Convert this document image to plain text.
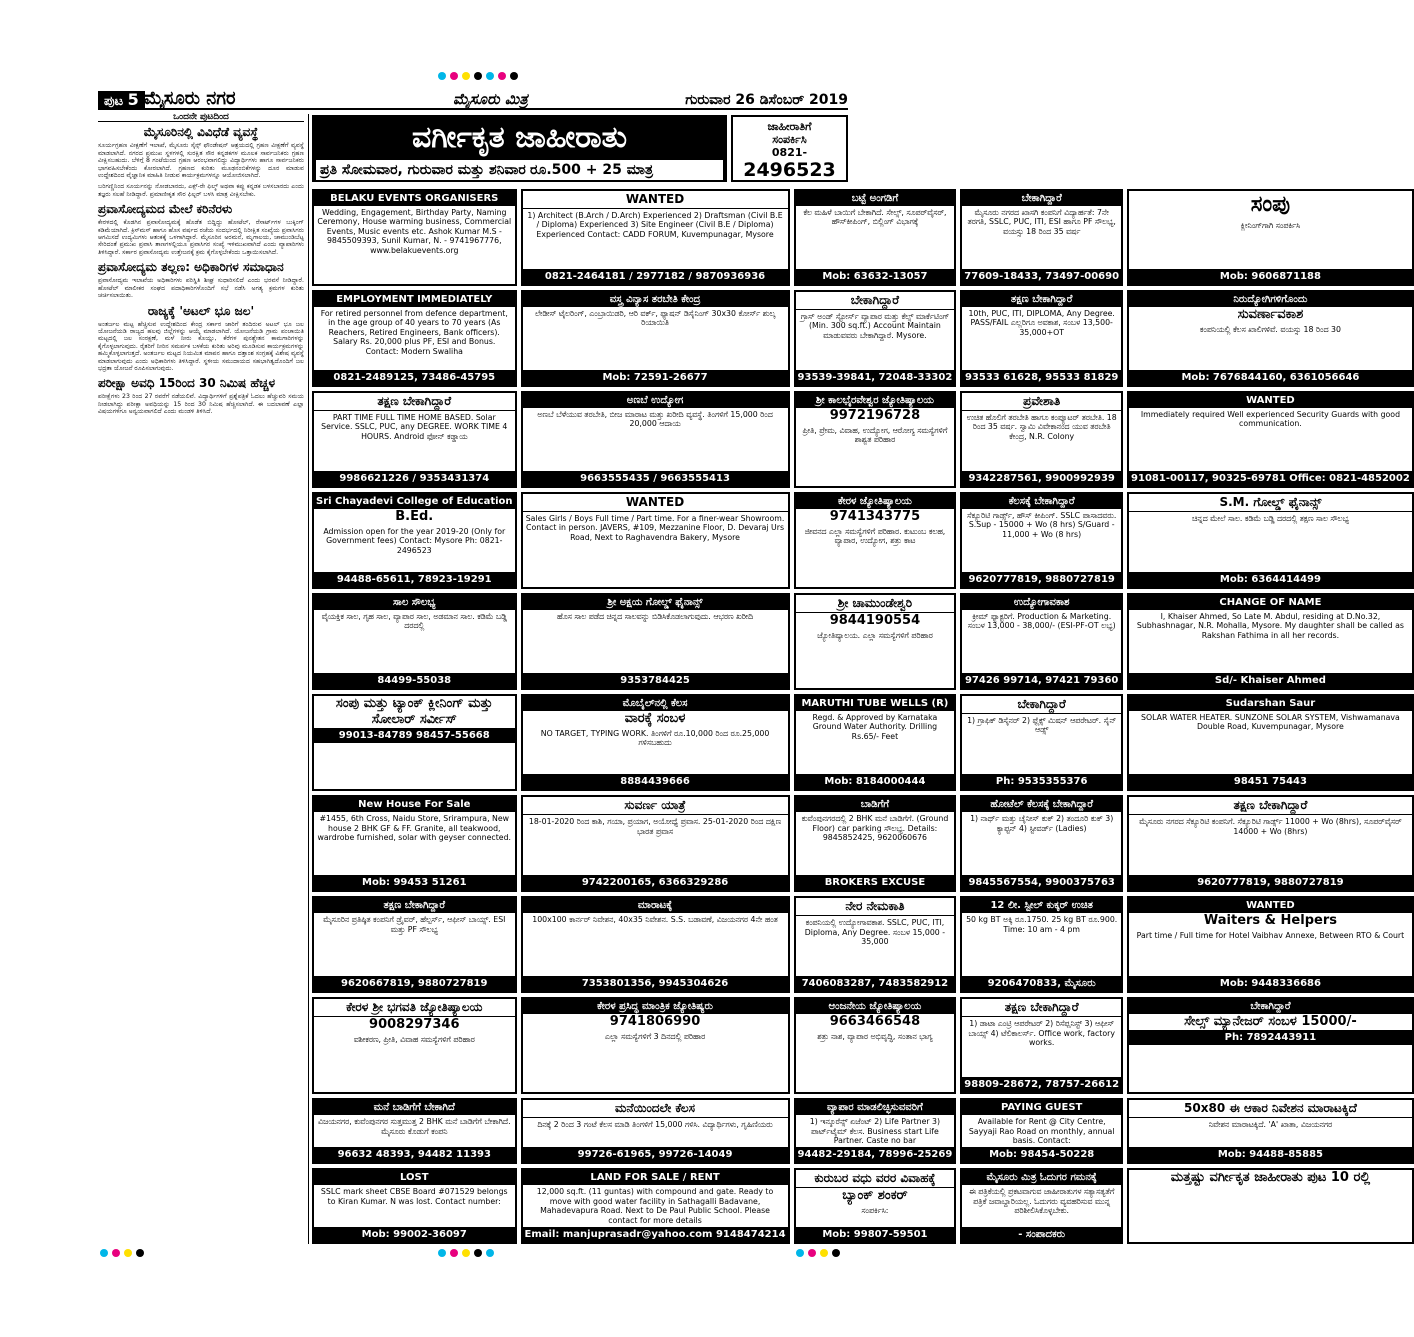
ಪುಟ 5 ಮೈಸೂರು ನಗರ	ಮೈಸೂರು ಮಿತ್ರ	ಗುರುವಾರ 26 ಡಿಸೆಂಬರ್ 2019
ಒಂದನೇ ಪುಟದಿಂದ
ಮೈಸೂರಿನಲ್ಲಿ ವಿವಿಧೆಡೆ ವ್ಯವಸ್ಥೆ

ಸೂರ್ಯಗ್ರಹಣ ವೀಕ್ಷಣೆಗೆ ಇಲಾಖೆ, ಮೈಸೂರು ಸೈನ್ಸ್ ಫೌಂಡೇಷನ್ ಆಶ್ರಯದಲ್ಲಿ ಗ್ರಹಣ ವೀಕ್ಷಣೆಗೆ ವ್ಯವಸ್ಥೆ ಮಾಡಲಾಗಿದೆ. ನಗರದ ಪ್ರಮುಖ ಸ್ಥಳಗಳಲ್ಲಿ ಸುರಕ್ಷಿತ ಸೌರ ಕನ್ನಡಕಗಳ ಮೂಲಕ ಸಾರ್ವಜನಿಕರು ಗ್ರಹಣ ವೀಕ್ಷಿಸಬಹುದು. ಬೆಳಿಗ್ಗೆ 8 ಗಂಟೆಯಿಂದ ಗ್ರಹಣ ಆರಂಭವಾಗಲಿದ್ದು ವಿದ್ಯಾರ್ಥಿಗಳು ಹಾಗೂ ಸಾರ್ವಜನಿಕರು ಭಾಗವಹಿಸಬೇಕೆಂದು ಕೋರಲಾಗಿದೆ. ಗ್ರಹಣದ ಕುರಿತು ಮೂಢನಂಬಿಕೆಗಳನ್ನು ದೂರ ಮಾಡುವ ಉದ್ದೇಶದಿಂದ ವೈಜ್ಞಾನಿಕ ಮಾಹಿತಿ ನೀಡುವ ಕಾರ್ಯಕ್ರಮಗಳನ್ನೂ ಆಯೋಜಿಸಲಾಗಿದೆ.

ಬರಿಗಣ್ಣಿನಿಂದ ಸೂರ್ಯನನ್ನು ನೋಡಬಾರದು, ಎಕ್ಸ್-ರೇ ಫಿಲ್ಮ್ ಅಥವಾ ಕಪ್ಪು ಕನ್ನಡಕ ಬಳಸಬಾರದು ಎಂದು ತಜ್ಞರು ಸಲಹೆ ನೀಡಿದ್ದಾರೆ. ಪ್ರಮಾಣೀಕೃತ ಸೌರ ಫಿಲ್ಟರ್ ಬಳಸಿ ಮಾತ್ರ ವೀಕ್ಷಿಸಬೇಕು.

ಪ್ರವಾಸೋದ್ಯಮದ ಮೇಲೆ ಕರಿನೆರಳು

ಕೇರಳದಲ್ಲಿ ಕೊಡಗಿನ ಪ್ರವಾಸೋದ್ಯಮಕ್ಕೆ ಹೊಡೆತ ಬಿದ್ದಿದ್ದು ಹೋಟೆಲ್, ರೆಸಾರ್ಟ್‌ಗಳ ಬುಕ್ಕಿಂಗ್ ಕಡಿಮೆಯಾಗಿದೆ. ಕ್ರಿಸ್‌ಮಸ್ ಹಾಗೂ ಹೊಸ ವರ್ಷದ ರಜೆಯ ಸಂದರ್ಭದಲ್ಲಿ ನಿರೀಕ್ಷಿತ ಸಂಖ್ಯೆಯ ಪ್ರವಾಸಿಗರು ಆಗಮಿಸದೆ ಉದ್ಯಮಿಗಳು ಆತಂಕಕ್ಕೆ ಒಳಗಾಗಿದ್ದಾರೆ. ಮೈಸೂರಿನ ಅರಮನೆ, ಮೃಗಾಲಯ, ಚಾಮುಂಡಿಬೆಟ್ಟ ಸೇರಿದಂತೆ ಪ್ರಮುಖ ಪ್ರವಾಸಿ ತಾಣಗಳಲ್ಲಿಯೂ ಪ್ರವಾಸಿಗರ ಸಂಖ್ಯೆ ಇಳಿಮುಖವಾಗಿದೆ ಎಂದು ವ್ಯಾಪಾರಿಗಳು ತಿಳಿಸಿದ್ದಾರೆ. ಸರ್ಕಾರ ಪ್ರವಾಸೋದ್ಯಮ ಉತ್ತೇಜನಕ್ಕೆ ಕ್ರಮ ಕೈಗೊಳ್ಳಬೇಕೆಂದು ಒತ್ತಾಯಿಸಲಾಗಿದೆ.

ಪ್ರವಾಸೋದ್ಯಮ ತಲ್ಲಣ: ಅಧಿಕಾರಿಗಳ ಸಮಾಧಾನ

ಪ್ರವಾಸೋದ್ಯಮ ಇಲಾಖೆಯ ಅಧಿಕಾರಿಗಳು ಪರಿಸ್ಥಿತಿ ಶೀಘ್ರ ಸುಧಾರಿಸಲಿದೆ ಎಂದು ಭರವಸೆ ನೀಡಿದ್ದಾರೆ. ಹೋಟೆಲ್ ಮಾಲೀಕರ ಸಂಘದ ಪದಾಧಿಕಾರಿಗಳೊಂದಿಗೆ ಸಭೆ ನಡೆಸಿ ಅಗತ್ಯ ಕ್ರಮಗಳ ಕುರಿತು ಚರ್ಚಿಸಲಾಯಿತು.

ರಾಜ್ಯಕ್ಕೆ 'ಅಟಲ್ ಭೂ ಜಲ'

ಅಂತರ್ಜಲ ಮಟ್ಟ ಹೆಚ್ಚಿಸುವ ಉದ್ದೇಶದಿಂದ ಕೇಂದ್ರ ಸರ್ಕಾರ ಜಾರಿಗೆ ತಂದಿರುವ ಅಟಲ್ ಭೂ ಜಲ ಯೋಜನೆಯಡಿ ರಾಜ್ಯದ ಹಲವು ಜಿಲ್ಲೆಗಳನ್ನು ಆಯ್ಕೆ ಮಾಡಲಾಗಿದೆ. ಯೋಜನೆಯಡಿ ಗ್ರಾಮ ಪಂಚಾಯಿತಿ ಮಟ್ಟದಲ್ಲಿ ಜಲ ಸಂರಕ್ಷಣೆ, ಮಳೆ ನೀರು ಕೊಯ್ಲು, ಕೆರೆಗಳ ಪುನಶ್ಚೇತನ ಕಾಮಗಾರಿಗಳನ್ನು ಕೈಗೊಳ್ಳಲಾಗುವುದು. ರೈತರಿಗೆ ನೀರಿನ ಸಮರ್ಪಕ ಬಳಕೆಯ ಕುರಿತು ಅರಿವು ಮೂಡಿಸುವ ಕಾರ್ಯಕ್ರಮಗಳನ್ನು ಹಮ್ಮಿಕೊಳ್ಳಲಾಗುತ್ತದೆ. ಅಂತರ್ಜಲ ಮಟ್ಟದ ನಿಯಮಿತ ಮಾಪನ ಹಾಗೂ ದತ್ತಾಂಶ ಸಂಗ್ರಹಕ್ಕೆ ವಿಶೇಷ ವ್ಯವಸ್ಥೆ ಮಾಡಲಾಗುವುದು ಎಂದು ಅಧಿಕಾರಿಗಳು ತಿಳಿಸಿದ್ದಾರೆ. ಸ್ಥಳೀಯ ಸಮುದಾಯದ ಸಹಭಾಗಿತ್ವದೊಂದಿಗೆ ಜಲ ಭದ್ರತಾ ಯೋಜನೆ ರೂಪಿಸಲಾಗುವುದು.

ಪರೀಕ್ಷಾ ಅವಧಿ 15ರಿಂದ 30 ನಿಮಿಷ ಹೆಚ್ಚಳ

ಪರೀಕ್ಷೆಗಳು 23 ರಿಂದ 27 ರವರೆಗೆ ನಡೆಯಲಿವೆ. ವಿದ್ಯಾರ್ಥಿಗಳಿಗೆ ಪ್ರಶ್ನೆಪತ್ರಿಕೆ ಓದಲು ಹೆಚ್ಚುವರಿ ಸಮಯ ನೀಡಲಾಗಿದ್ದು ಪರೀಕ್ಷಾ ಅವಧಿಯನ್ನು 15 ರಿಂದ 30 ನಿಮಿಷ ಹೆಚ್ಚಿಸಲಾಗಿದೆ. ಈ ಬದಲಾವಣೆ ಎಲ್ಲಾ ವಿಷಯಗಳಿಗೂ ಅನ್ವಯವಾಗಲಿದೆ ಎಂದು ಮಂಡಳಿ ತಿಳಿಸಿದೆ.

ವರ್ಗೀಕೃತ ಜಾಹೀರಾತು
ಪ್ರತಿ ಸೋಮವಾರ, ಗುರುವಾರ ಮತ್ತು ಶನಿವಾರ ರೂ.500 + 25 ಮಾತ್ರ
ಜಾಹೀರಾತಿಗೆ
ಸಂಪರ್ಕಿಸಿ
0821-
2496523
BELAKU EVENTS ORGANISERS
Wedding, Engagement, Birthday Party, Naming Ceremony, House warming business, Commercial Events, Music events etc. Ashok Kumar M.S - 9845509393, Sunil Kumar, N. - 9741967776, www.belakuevents.org
WANTED
1) Architect (B.Arch / D.Arch) Experienced 2) Draftsman (Civil B.E / Diploma) Experienced 3) Site Engineer (Civil B.E / Diploma) Experienced Contact: CADD FORUM, Kuvempunagar, Mysore
0821-2464181 / 2977182 / 9870936936
ಬಟ್ಟೆ ಅಂಗಡಿಗೆ
ಕೆಲ ಮಹಿಳೆ ಬಾಯಿಗೆ ಬೇಕಾಗಿದೆ. ಸೇಲ್ಸ್, ಸೂಪರ್‌ವೈಸರ್, ಹೌಸ್‌ಕೀಪಿಂಗ್, ಬಿಲ್ಲಿಂಗ್ ವಿಭಾಗಕ್ಕೆ
Mob: 63632-13057
ಬೇಕಾಗಿದ್ದಾರೆ
ಮೈಸೂರು ನಗರದ ಖಾಸಗಿ ಕಂಪನಿಗೆ ವಿದ್ಯಾರ್ಹತೆ: 7ನೇ ತರಗತಿ, SSLC, PUC, ITI, ESI ಹಾಗೂ PF ಸೌಲಭ್ಯ, ವಯಸ್ಸು 18 ರಿಂದ 35 ವರ್ಷ
77609-18433, 73497-00690
ಸಂಪು
ಕ್ಲೀನಿಂಗ್‌ಗಾಗಿ ಸಂಪರ್ಕಿಸಿ
Mob: 9606871188
EMPLOYMENT IMMEDIATELY
For retired personnel from defence department, in the age group of 40 years to 70 years (As Reachers, Retired Engineers, Bank officers). Salary Rs. 20,000 plus PF, ESI and Bonus. Contact: Modern Swaliha
0821-2489125, 73486-45795
ವಸ್ತ್ರ ವಿನ್ಯಾಸ ತರಬೇತಿ ಕೇಂದ್ರ
ಲೇಡೀಸ್ ಟೈಲರಿಂಗ್, ಎಂಬ್ರಾಯಿಡರಿ, ಆರಿ ವರ್ಕ್, ಫ್ಯಾಷನ್ ಡಿಸೈನಿಂಗ್ 30x30 ಕೋರ್ಸ್ ಶುಲ್ಕ ರಿಯಾಯಿತಿ
Mob: 72591-26677
ಬೇಕಾಗಿದ್ದಾರೆ
ಗ್ರಾಸ್ ಅಂಡ್ ಸ್ಟೋರ್ಸ್ ವ್ಯಾಪಾರ ಮತ್ತು ಕೆಲ್ಸ್ ಮಾರ್ಕೆಟಿಂಗ್ (Min. 300 sq.ft.) Account Maintain ಮಾಡುವವರು ಬೇಕಾಗಿದ್ದಾರೆ. Mysore.
93539-39841, 72048-33302
ತಕ್ಷಣ ಬೇಕಾಗಿದ್ದಾರೆ
10th, PUC, ITI, DIPLOMA, Any Degree. PASS/FAIL ಎಲ್ಲರಿಗೂ ಅವಕಾಶ, ಸಂಬಳ 13,500-35,000+OT
93533 61628, 95533 81829
ನಿರುದ್ಯೋಗಿಗಳಿಗೊಂದು
ಸುವರ್ಣಾವಕಾಶ
ಕಂಪನಿಯಲ್ಲಿ ಕೆಲಸ ಖಾಲಿಗಳಿವೆ. ವಯಸ್ಸು 18 ರಿಂದ 30
Mob: 7676844160, 6361056646
ತಕ್ಷಣ ಬೇಕಾಗಿದ್ದಾರೆ
PART TIME FULL TIME HOME BASED. Solar Service. SSLC, PUC, any DEGREE. WORK TIME 4 HOURS. Android ಫೋನ್ ಕಡ್ಡಾಯ
9986621226 / 9353431374
ಅಣಬೆ ಉದ್ಯೋಗ
ಅಣಬೆ ಬೆಳೆಯುವ ತರಬೇತಿ, ಬೀಜ ಮಾರಾಟ ಮತ್ತು ಖರೀದಿ ವ್ಯವಸ್ಥೆ. ತಿಂಗಳಿಗೆ 15,000 ರಿಂದ 20,000 ಆದಾಯ
9663555435 / 9663555413
ಶ್ರೀ ಕಾಲಭೈರವೇಶ್ವರ ಜ್ಯೋತಿಷ್ಯಾಲಯ
9972196728
ಪ್ರೀತಿ, ಪ್ರೇಮ, ವಿವಾಹ, ಉದ್ಯೋಗ, ಆರೋಗ್ಯ ಸಮಸ್ಯೆಗಳಿಗೆ ಶಾಶ್ವತ ಪರಿಹಾರ
ಪ್ರವೇಶಾತಿ
ಉಚಿತ ಹೊಲಿಗೆ ತರಬೇತಿ ಹಾಗೂ ಕಂಪ್ಯೂಟರ್ ತರಬೇತಿ. 18 ರಿಂದ 35 ವರ್ಷ. ಸ್ವಾಮಿ ವಿವೇಕಾನಂದ ಯುವ ತರಬೇತಿ ಕೇಂದ್ರ, N.R. Colony
9342287561, 9900992939
WANTED
Immediately required Well experienced Security Guards with good communication.
91081-00117, 90325-69781 Office: 0821-4852002
Sri Chayadevi College of Education
B.Ed.
Admission open for the year 2019-20 (Only for Government fees) Contact: Mysore Ph: 0821-2496523
94488-65611, 78923-19291
WANTED
Sales Girls / Boys Full time / Part time. For a finer-wear Showroom. Contact in person. JAVERS, #109, Mezzanine Floor, D. Devaraj Urs Road, Next to Raghavendra Bakery, Mysore
ಕೇರಳ ಜ್ಯೋತಿಷ್ಯಾಲಯ
9741343775
ಜೀವನದ ಎಲ್ಲಾ ಸಮಸ್ಯೆಗಳಿಗೆ ಪರಿಹಾರ. ಕುಟುಂಬ ಕಲಹ, ವ್ಯಾಪಾರ, ಉದ್ಯೋಗ, ಶತ್ರು ಕಾಟ
ಕೆಲಸಕ್ಕೆ ಬೇಕಾಗಿದ್ದಾರೆ
ಸೆಕ್ಯೂರಿಟಿ ಗಾರ್ಡ್ಸ್, ಹೌಸ್ ಕೀಪಿಂಗ್. SSLC ಪಾಸಾದವರು. S.Sup - 15000 + Wo (8 hrs) S/Guard - 11,000 + Wo (8 hrs)
9620777819, 9880727819
S.M. ಗೋಲ್ಡ್ ಫೈನಾನ್ಸ್
ಚಿನ್ನದ ಮೇಲೆ ಸಾಲ. ಕಡಿಮೆ ಬಡ್ಡಿ ದರದಲ್ಲಿ ತಕ್ಷಣ ಸಾಲ ಸೌಲಭ್ಯ
Mob: 6364414499
ಸಾಲ ಸೌಲಭ್ಯ
ವೈಯಕ್ತಿಕ ಸಾಲ, ಗೃಹ ಸಾಲ, ವ್ಯಾಪಾರ ಸಾಲ, ಅಡಮಾನ ಸಾಲ. ಕಡಿಮೆ ಬಡ್ಡಿ ದರದಲ್ಲಿ
84499-55038
ಶ್ರೀ ಅಕ್ಷಯ ಗೋಲ್ಡ್ ಫೈನಾನ್ಸ್
ಹೊಸ ಸಾಲ ಪಡೆದ ಚಿನ್ನದ ಸಾಲವನ್ನು ಬಿಡಿಸಿಕೊಡಲಾಗುವುದು. ಆಭರಣ ಖರೀದಿ
9353784425
ಶ್ರೀ ಚಾಮುಂಡೇಶ್ವರಿ
9844190554
ಜ್ಯೋತಿಷ್ಯಾಲಯ. ಎಲ್ಲಾ ಸಮಸ್ಯೆಗಳಿಗೆ ಪರಿಹಾರ
ಉದ್ಯೋಗಾವಕಾಶ
ಕ್ರೀಮ್ ಫ್ಯಾಕ್ಟರಿಗೆ. Production & Marketing. ಸಂಬಳ 13,000 - 38,000/- (ESI-PF-OT ಲಭ್ಯ)
97426 99714, 97421 79360
CHANGE OF NAME
I, Khaiser Ahmed, So Late M. Abdul, residing at D.No.32, Subhashnagar, N.R. Mohalla, Mysore. My daughter shall be called as Rakshan Fathima in all her records.
Sd/- Khaiser Ahmed
ಸಂಪು ಮತ್ತು ಟ್ಯಾಂಕ್ ಕ್ಲೀನಿಂಗ್ ಮತ್ತು ಸೋಲಾರ್ ಸರ್ವೀಸ್
99013-84789 98457-55668
ಮೊಬೈಲ್‌ನಲ್ಲಿ ಕೆಲಸ
ವಾರಕ್ಕೆ ಸಂಬಳ
NO TARGET, TYPING WORK. ತಿಂಗಳಿಗೆ ರೂ.10,000 ರಿಂದ ರೂ.25,000 ಗಳಿಸಬಹುದು
8884439666
MARUTHI TUBE WELLS (R)
Regd. & Approved by Karnataka Ground Water Authority. Drilling Rs.65/- Feet
Mob: 8184000444
ಬೇಕಾಗಿದ್ದಾರೆ
1) ಗ್ರಾಫಿಕ್ ಡಿಸೈನರ್ 2) ಫ್ಲೆಕ್ಸ್ ಮಿಷನ್ ಆಪರೇಟರ್. ಸೈನ್ ಆಡ್ಸ್
Ph: 9535355376
Sudarshan Saur
SOLAR WATER HEATER. SUNZONE SOLAR SYSTEM, Vishwamanava Double Road, Kuvempunagar, Mysore
98451 75443
New House For Sale
#1455, 6th Cross, Naidu Store, Srirampura, New house 2 BHK GF & FF. Granite, all teakwood, wardrobe furnished, solar with geyser connected.
Mob: 99453 51261
ಸುವರ್ಣ ಯಾತ್ರೆ
18-01-2020 ರಿಂದ ಕಾಶಿ, ಗಯಾ, ಪ್ರಯಾಗ, ಅಯೋಧ್ಯೆ ಪ್ರವಾಸ. 25-01-2020 ರಿಂದ ದಕ್ಷಿಣ ಭಾರತ ಪ್ರವಾಸ
9742200165, 6366329286
ಬಾಡಿಗೆಗೆ
ಕುವೆಂಪುನಗರದಲ್ಲಿ 2 BHK ಮನೆ ಬಾಡಿಗೆಗೆ. (Ground Floor) car parking ಸೌಲಭ್ಯ. Details: 9845852425, 9620060676
BROKERS EXCUSE
ಹೋಟೆಲ್ ಕೆಲಸಕ್ಕೆ ಬೇಕಾಗಿದ್ದಾರೆ
1) ನಾರ್ಥ್ ಮತ್ತು ಚೈನೀಸ್ ಕುಕ್ 2) ತಂದೂರಿ ಕುಕ್ 3) ಕ್ಯಾಪ್ಟನ್ 4) ಸ್ಟೀವರ್ಡ್ (Ladies)
9845567554, 9900375763
ತಕ್ಷಣ ಬೇಕಾಗಿದ್ದಾರೆ
ಮೈಸೂರು ನಗರದ ಸೆಕ್ಯೂರಿಟಿ ಕಂಪನಿಗೆ. ಸೆಕ್ಯೂರಿಟಿ ಗಾರ್ಡ್ಸ್ 11000 + Wo (8hrs), ಸೂಪರ್‌ವೈಸರ್ 14000 + Wo (8hrs)
9620777819, 9880727819
ತಕ್ಷಣ ಬೇಕಾಗಿದ್ದಾರೆ
ಮೈಸೂರಿನ ಪ್ರತಿಷ್ಠಿತ ಕಂಪನಿಗೆ ಡ್ರೈವರ್, ಹೆಲ್ಪರ್ಸ್, ಆಫೀಸ್ ಬಾಯ್ಸ್. ESI ಮತ್ತು PF ಸೌಲಭ್ಯ
9620667819, 9880727819
ಮಾರಾಟಕ್ಕೆ
100x100 ಕಾರ್ನರ್ ನಿವೇಶನ, 40x35 ನಿವೇಶನ. S.S. ಬಡಾವಣೆ, ವಿಜಯನಗರ 4ನೇ ಹಂತ
7353801356, 9945304626
ನೇರ ನೇಮಕಾತಿ
ಕಂಪನಿಯಲ್ಲಿ ಉದ್ಯೋಗಾವಕಾಶ. SSLC, PUC, ITI, Diploma, Any Degree. ಸಂಬಳ 15,000 - 35,000
7406083287, 7483582912
12 ಲೀ. ಸ್ಟೀಲ್ ಕುಕ್ಕರ್ ಉಚಿತ
50 kg BT ಅಕ್ಕಿ ರೂ.1750. 25 kg BT ರೂ.900. Time: 10 am - 4 pm
9206470833, ಮೈಸೂರು
WANTED
Waiters & Helpers
Part time / Full time for Hotel Vaibhav Annexe, Between RTO & Court
Mob: 9448336686
ಕೇರಳ ಶ್ರೀ ಭಗವತಿ ಜ್ಯೋತಿಷ್ಯಾಲಯ
9008297346
ವಶೀಕರಣ, ಪ್ರೀತಿ, ವಿವಾಹ ಸಮಸ್ಯೆಗಳಿಗೆ ಪರಿಹಾರ
ಕೇರಳ ಪ್ರಸಿದ್ಧ ಮಾಂತ್ರಿಕ ಜ್ಯೋತಿಷ್ಯರು
9741806990
ಎಲ್ಲಾ ಸಮಸ್ಯೆಗಳಿಗೆ 3 ದಿನದಲ್ಲಿ ಪರಿಹಾರ
ಆಂಜನೇಯ ಜ್ಯೋತಿಷ್ಯಾಲಯ
9663466548
ಶತ್ರು ನಾಶ, ವ್ಯಾಪಾರ ಅಭಿವೃದ್ಧಿ, ಸಂತಾನ ಭಾಗ್ಯ
ತಕ್ಷಣ ಬೇಕಾಗಿದ್ದಾರೆ
1) ಡಾಟಾ ಎಂಟ್ರಿ ಆಪರೇಟರ್ 2) ರಿಸೆಪ್ಷನಿಸ್ಟ್ 3) ಆಫೀಸ್ ಬಾಯ್ಸ್ 4) ಟೆಲಿಕಾಲರ್ಸ್. Office work, factory works.
98809-28672, 78757-26612
ಬೇಕಾಗಿದ್ದಾರೆ
ಸೇಲ್ಸ್ ಮ್ಯಾನೇಜರ್ ಸಂಬಳ 15000/-
Ph: 7892443911
ಮನೆ ಬಾಡಿಗೆಗೆ ಬೇಕಾಗಿದೆ
ವಿಜಯನಗರ, ಕುವೆಂಪುನಗರ ಸುತ್ತಮುತ್ತ 2 BHK ಮನೆ ಬಾಡಿಗೆಗೆ ಬೇಕಾಗಿದೆ. ಮೈಸೂರು ಕೊಡುಗೆ ಕಂಪನಿ
96632 48393, 94482 11393
ಮನೆಯಿಂದಲೇ ಕೆಲಸ
ದಿನಕ್ಕೆ 2 ರಿಂದ 3 ಗಂಟೆ ಕೆಲಸ ಮಾಡಿ ತಿಂಗಳಿಗೆ 15,000 ಗಳಿಸಿ. ವಿದ್ಯಾರ್ಥಿಗಳು, ಗೃಹಿಣಿಯರು
99726-61965, 99726-14049
ವ್ಯಾಪಾರ ಮಾಡಲಿಚ್ಛಿಸುವವರಿಗೆ
1) ಇನ್ಶೂರೆನ್ಸ್ ಏಜೆಂಟ್ 2) Life Partner 3) ಪಾರ್ಟ್‌ಟೈಮ್ ಕೆಲಸ. Business start Life Partner. Caste no bar
94482-29184, 78996-25269
PAYING GUEST
Available for Rent @ City Centre, Sayyaji Rao Road on monthly, annual basis. Contact:
Mob: 98454-50228
50x80 ಈ ಆಕಾರ ನಿವೇಶನ ಮಾರಾಟಕ್ಕಿದೆ
ನಿವೇಶನ ಮಾರಾಟಕ್ಕಿದೆ. 'A' ಖಾತಾ, ವಿಜಯನಗರ
Mob: 94488-85885
LOST
SSLC mark sheet CBSE Board #071529 belongs to Kiran Kumar. N was lost. Contact number:
Mob: 99002-36097
LAND FOR SALE / RENT
12,000 sq.ft. (11 guntas) with compound and gate. Ready to move with good water facility in Sathagalli Badavane, Mahadevapura Road. Next to De Paul Public School. Please contact for more details
Email: manjuprasadr@yahoo.com 9148474214
ಕುರುಬರ ವಧು ವರರ ವಿವಾಹಕ್ಕೆ
ಬ್ಯಾಂಕ್ ಶಂಕರ್
ಸಂಪರ್ಕಿಸಿ:
Mob: 99807-59501
ಮೈಸೂರು ಮಿತ್ರ ಓದುಗರ ಗಮನಕ್ಕೆ
ಈ ಪತ್ರಿಕೆಯಲ್ಲಿ ಪ್ರಕಟವಾಗುವ ಜಾಹೀರಾತುಗಳ ಸತ್ಯಾಸತ್ಯತೆಗೆ ಪತ್ರಿಕೆ ಜವಾಬ್ದಾರಿಯಲ್ಲ. ಓದುಗರು ವ್ಯವಹರಿಸುವ ಮುನ್ನ ಪರಿಶೀಲಿಸಿಕೊಳ್ಳಬೇಕು.
- ಸಂಪಾದಕರು
ಮತ್ತಷ್ಟು ವರ್ಗೀಕೃತ ಜಾಹೀರಾತು ಪುಟ 10 ರಲ್ಲಿ
